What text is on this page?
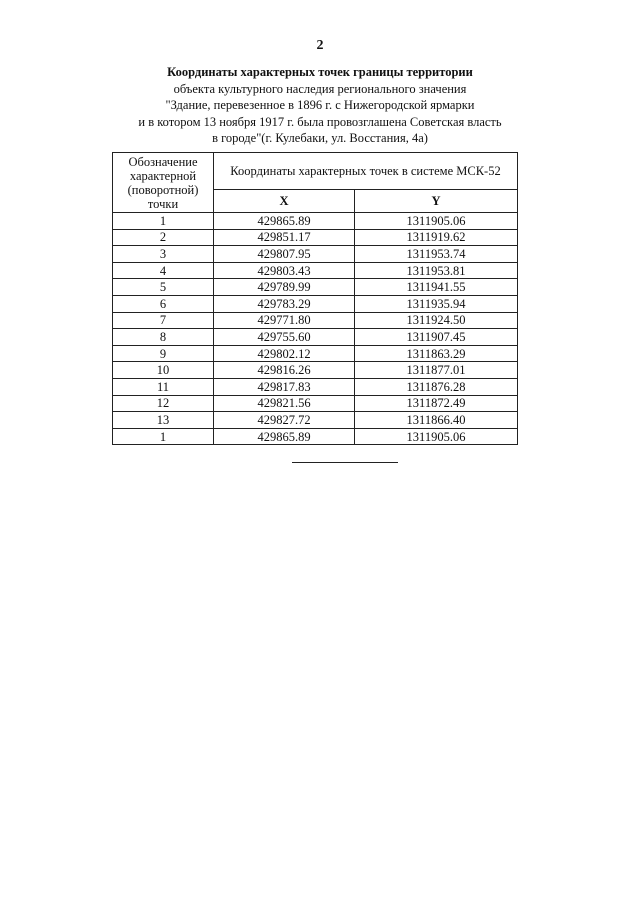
2
Координаты характерных точек границы территории
объекта культурного наследия регионального значения
"Здание, перевезенное в 1896 г. с Нижегородской ярмарки
и в котором 13 ноября 1917 г. была провозглашена Советская власть
в городе"(г. Кулебаки, ул. Восстания, 4а)
Обозначение характерной (поворотной) точки	Координаты характерных точек в системе МСК-52	
	X	Y
1	429865.89	1311905.06
2	429851.17	1311919.62
3	429807.95	1311953.74
4	429803.43	1311953.81
5	429789.99	1311941.55
6	429783.29	1311935.94
7	429771.80	1311924.50
8	429755.60	1311907.45
9	429802.12	1311863.29
10	429816.26	1311877.01
11	429817.83	1311876.28
12	429821.56	1311872.49
13	429827.72	1311866.40
1	429865.89	1311905.06
